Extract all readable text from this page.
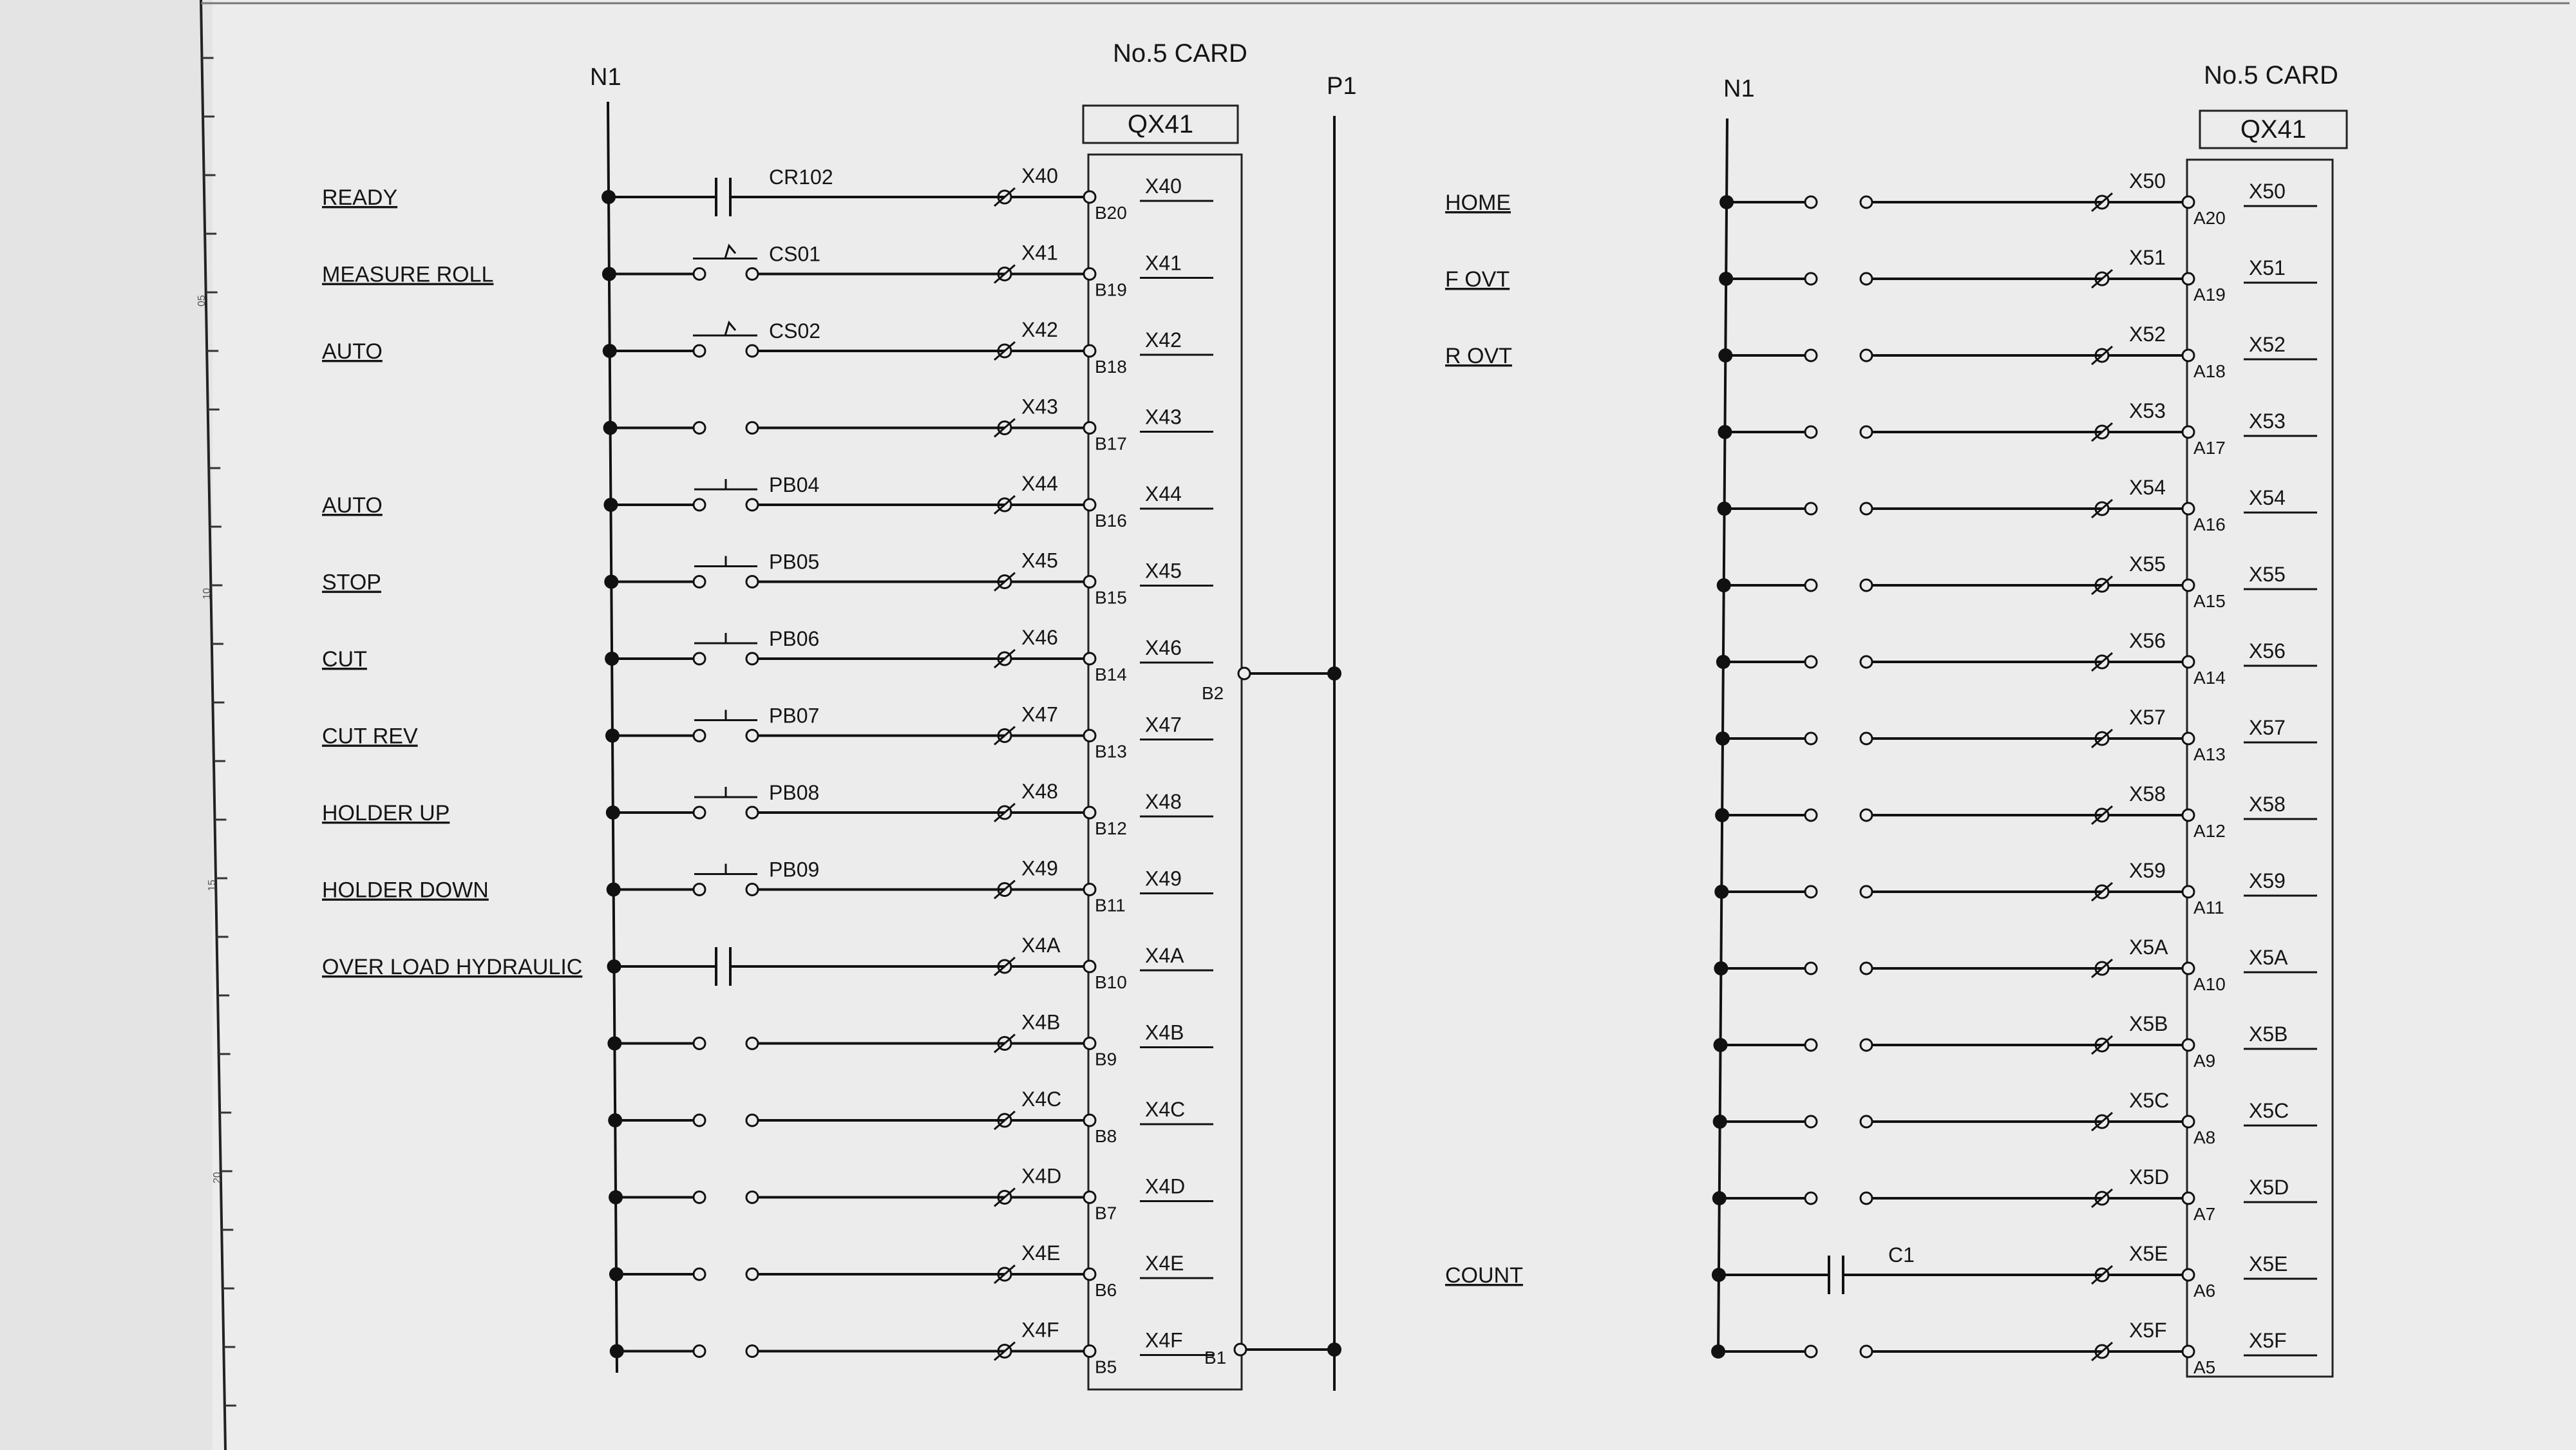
05
10
15
20
N1
No.5 CARD
QX41
P1
B2
B1
READY
CR102	X40
B20
X40
MEASURE ROLL
CS01	X41
B19
X41
AUTO
CS02	X42
B18
X42
X43
B17
X43
AUTO
PB04	X44
B16
X44
STOP
PB05	X45
B15
X45
CUT
PB06	X46
B14
X46
CUT REV
PB07	X47
B13
X47
HOLDER UP
PB08	X48
B12
X48
HOLDER DOWN
PB09	X49
B11
X49
OVER LOAD HYDRAULIC
X4A
B10
X4A
X4B
B9
X4B
X4C
B8
X4C
X4D
B7
X4D
X4E
B6
X4E
X4F
B5
X4F
N1	No.5 CARD
QX41
HOME
X50
A20
X50
F OVT
X51
A19
X51
R OVT
X52
A18
X52
X53
A17
X53
X54
A16
X54
X55
A15
X55
X56
A14
X56
X57
A13
X57
X58
A12
X58
X59
A11
X59
X5A
A10
X5A
X5B
A9
X5B
X5C
A8
X5C
X5D
A7
X5D
COUNT
C1	X5E
A6
X5E
X5F
A5
X5F
